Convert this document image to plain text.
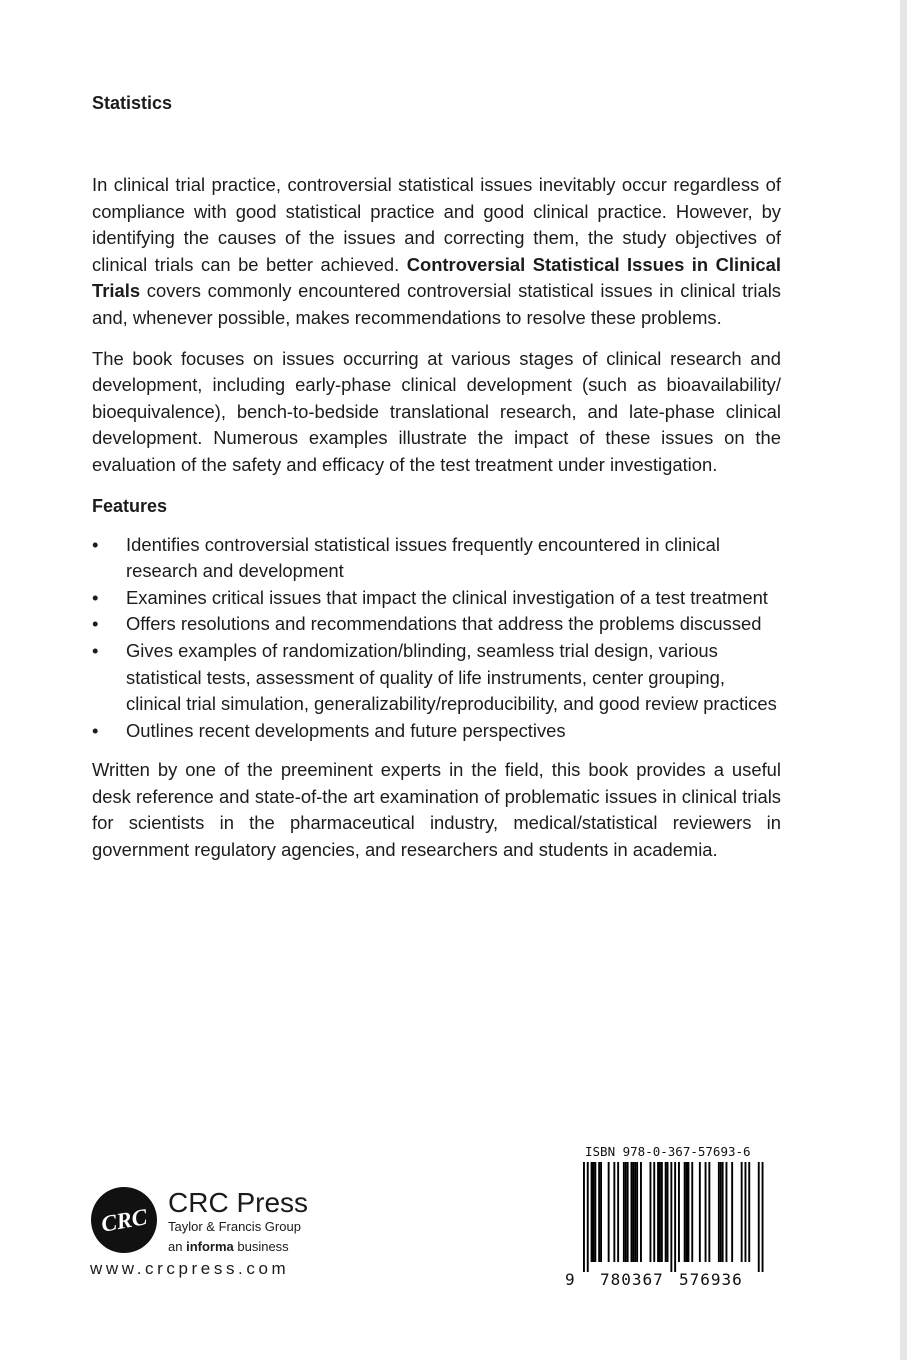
Statistics

In clinical trial practice, controversial statistical issues inevitably occur regardless of compliance with good statistical practice and good clinical practice. However, by identifying the causes of the issues and correcting them, the study objectives of clinical trials can be better achieved. Controversial Statistical Issues in Clinical Trials covers commonly encountered controversial statistical issues in clinical trials and, whenever possible, makes recommendations to resolve these problems.

The book focuses on issues occurring at various stages of clinical research and development, including early-phase clinical development (such as bioavailability/ bioequivalence), bench-to-bedside translational research, and late-phase clinical development. Numerous examples illustrate the impact of these issues on the evaluation of the safety and efficacy of the test treatment under investigation.

Features
• Identifies controversial statistical issues frequently encountered in clinical research and development
• Examines critical issues that impact the clinical investigation of a test treatment
• Offers resolutions and recommendations that address the problems discussed
• Gives examples of randomization/blinding, seamless trial design, various statistical tests, assessment of quality of life instruments, center grouping, clinical trial simulation, generalizability/reproducibility, and good review practices
• Outlines recent developments and future perspectives

Written by one of the preeminent experts in the field, this book provides a useful desk reference and state-of-the art examination of problematic issues in clinical trials for scientists in the pharmaceutical industry, medical/statistical reviewers in government regulatory agencies, and researchers and students in academia.

CRC
CRC Press
Taylor & Francis Group
an informa business
www.crcpress.com
ISBN 978-0-367-57693-6
9 780367 576936
